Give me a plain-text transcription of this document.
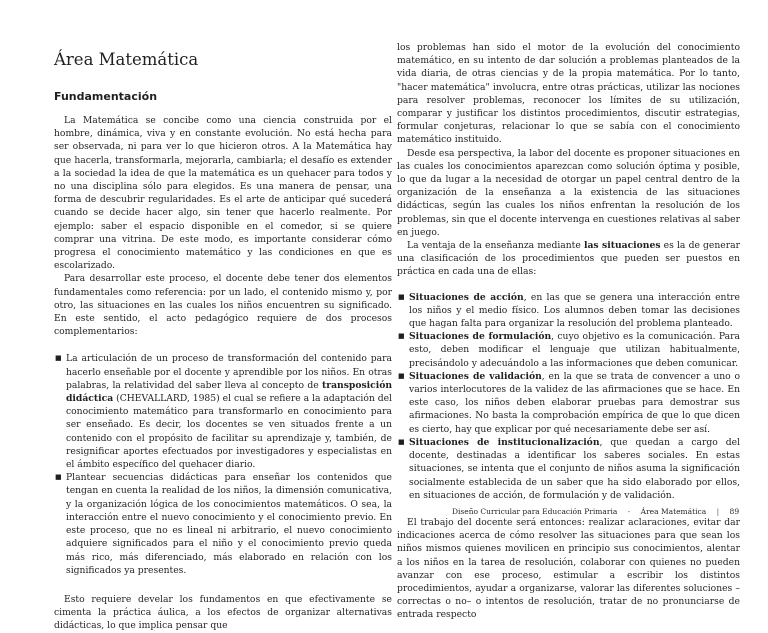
Área Matemática
Fundamentación

La Matemática se concibe como una ciencia construida por el hombre, dinámica, viva y en constante evolución. No está hecha para ser observada, ni para ver lo que hicieron otros. A la Matemática hay que hacerla, transformarla, mejorarla, cambiarla; el desafío es extender a la sociedad la idea de que la matemática es un quehacer para todos y no una disciplina sólo para elegidos. Es una manera de pensar, una forma de descubrir regularidades. Es el arte de anticipar qué sucederá cuando se decide hacer algo, sin tener que hacerlo realmente. Por ejemplo: saber el espacio disponible en el comedor, si se quiere comprar una vitrina. De este modo, es importante considerar cómo progresa el conocimiento matemático y las condiciones en que es escolarizado.

Para desarrollar este proceso, el docente debe tener dos elementos fundamentales como referencia: por un lado, el contenido mismo y, por otro, las situaciones en las cuales los niños encuentren su significado. En este sentido, el acto pedagógico requiere de dos procesos complementarios:

■ La articulación de un proceso de transformación del contenido para hacerlo enseñable por el docente y aprendible por los niños. En otras palabras, la relatividad del saber lleva al concepto de transposición didáctica (CHEVALLARD, 1985) el cual se refiere a la adaptación del conocimiento matemático para transformarlo en conocimiento para ser enseñado. Es decir, los docentes se ven situados frente a un contenido con el propósito de facilitar su aprendizaje y, también, de resignificar aportes efectuados por investigadores y especialistas en el ámbito específico del quehacer diario.
■ Plantear secuencias didácticas para enseñar los contenidos que tengan en cuenta la realidad de los niños, la dimensión comunicativa, y la organización lógica de los conocimientos matemáticos. O sea, la interacción entre el nuevo conocimiento y el conocimiento previo. En este proceso, que no es lineal ni arbitrario, el nuevo conocimiento adquiere significados para el niño y el conocimiento previo queda más rico, más diferenciado, más elaborado en relación con los significados ya presentes.

Esto requiere develar los fundamentos en que efectivamente se cimenta la práctica áulica, a los efectos de organizar alternativas didácticas, lo que implica pensar que

los problemas han sido el motor de la evolución del conocimiento matemático, en su intento de dar solución a problemas planteados de la vida diaria, de otras ciencias y de la propia matemática. Por lo tanto, "hacer matemática" involucra, entre otras prácticas, utilizar las nociones para resolver problemas, reconocer los límites de su utilización, comparar y justificar los distintos procedimientos, discutir estrategias, formular conjeturas, relacionar lo que se sabía con el conocimiento matemático instituido.

Desde esa perspectiva, la labor del docente es proponer situaciones en las cuales los conocimientos aparezcan como solución óptima y posible, lo que da lugar a la necesidad de otorgar un papel central dentro de la organización de la enseñanza a la existencia de las situaciones didácticas, según las cuales los niños enfrentan la resolución de los problemas, sin que el docente intervenga en cuestiones relativas al saber en juego.

La ventaja de la enseñanza mediante las situaciones es la de generar una clasificación de los procedimientos que pueden ser puestos en práctica en cada una de ellas:

■ Situaciones de acción, en las que se genera una interacción entre los niños y el medio físico. Los alumnos deben tomar las decisiones que hagan falta para organizar la resolución del problema planteado.
■ Situaciones de formulación, cuyo objetivo es la comunicación. Para esto, deben modificar el lenguaje que utilizan habitualmente, precisándolo y adecuándolo a las informaciones que deben comunicar.
■ Situaciones de validación, en la que se trata de convencer a uno o varios interlocutores de la validez de las afirmaciones que se hace. En este caso, los niños deben elaborar pruebas para demostrar sus afirmaciones. No basta la comprobación empírica de que lo que dicen es cierto, hay que explicar por qué necesariamente debe ser así.
■ Situaciones de institucionalización, que quedan a cargo del docente, destinadas a identificar los saberes sociales. En estas situaciones, se intenta que el conjunto de niños asuma la significación socialmente establecida de un saber que ha sido elaborado por ellos, en situaciones de acción, de formulación y de validación.

El trabajo del docente será entonces: realizar aclaraciones, evitar dar indicaciones acerca de cómo resolver las situaciones para que sean los niños mismos quienes movilicen en principio sus conocimientos, alentar a los niños en la tarea de resolución, colaborar con quienes no pueden avanzar con ese proceso, estimular a escribir los distintos procedimientos, ayudar a organizarse, valorar las diferentes soluciones –correctas o no– o intentos de resolución, tratar de no pronunciarse de entrada respecto

Diseño Curricular para Educación Primaria - Área Matemática | 89
